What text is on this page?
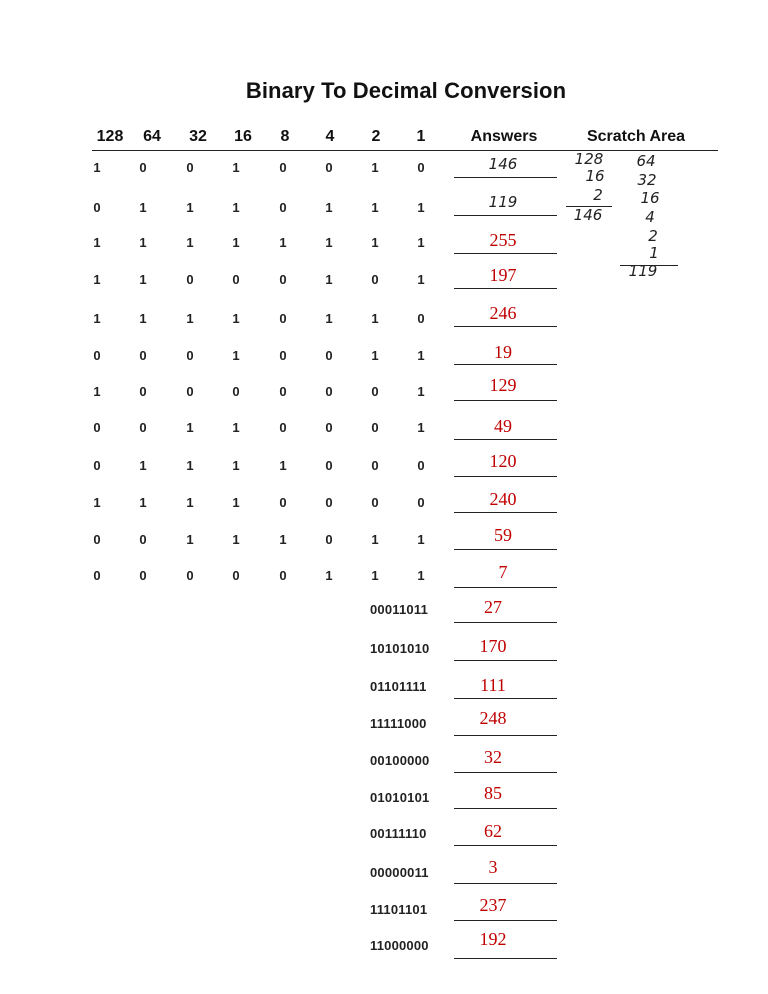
Binary To Decimal Conversion
128 64 32 16 8 4 2 1	Answers	Scratch Area
1	0	0	1	0	0	1	0	146
0	1	1	1	0	1	1	1	119
1	1	1	1	1	1	1	1	255
1	1	0	0	0	1	0	1	197
1	1	1	1	0	1	1	0	246
0	0	0	1	0	0	1	1	19
1	0	0	0	0	0	0	1	129
0	0	1	1	0	0	0	1	49
0	1	1	1	1	0	0	0	120
1	1	1	1	0	0	0	0	240
0	0	1	1	1	0	1	1	59
0	0	0	0	0	1	1	1	7
00011011	27
10101010	170
01101111	111
11111000	248
00100000	32
01010101	85
00111110	62
00000011	3
11101101	237
11000000	192
128
16
2
146
64
32
16
4
2
1
119
